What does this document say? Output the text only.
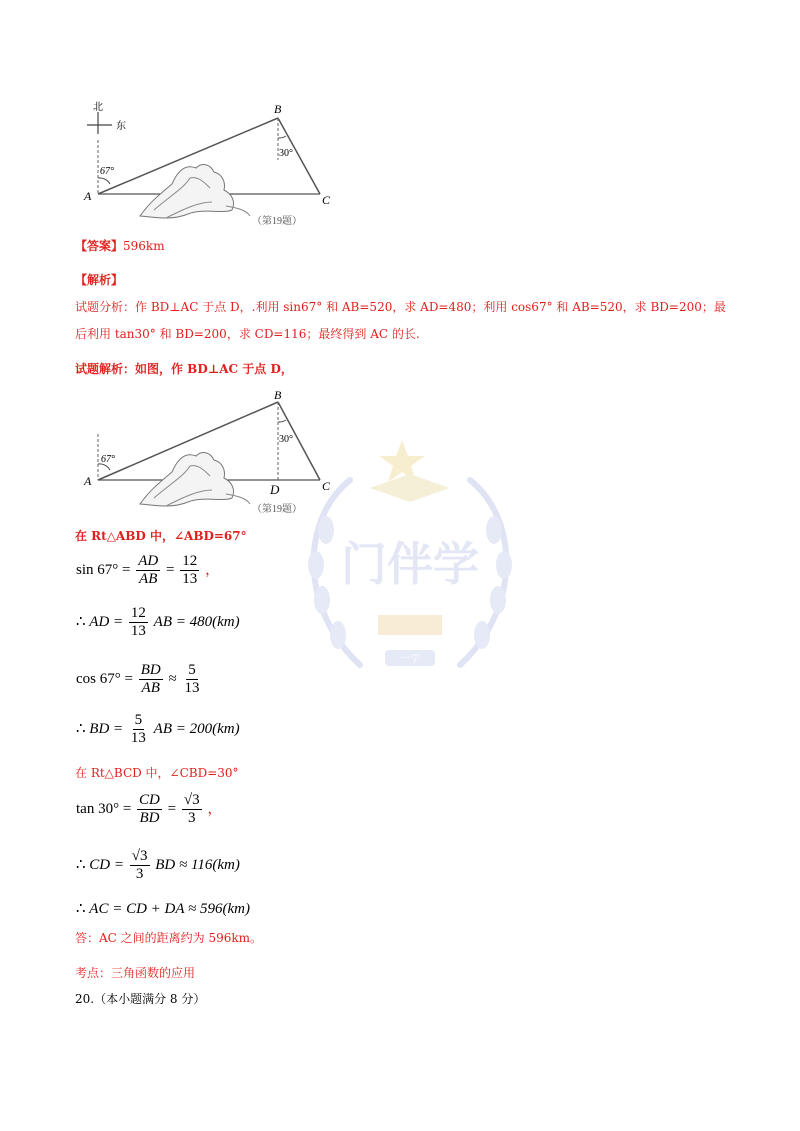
北
东
67°
30°
A
B
C
（第19题）
【答案】596km
【解析】
试题分析：作 BD⊥AC 于点 D，.利用 sin67° 和 AB=520，求 AD=480；利用 cos67° 和 AB=520，求 BD=200；最
后利用 tan30° 和 BD=200，求 CD=116；最终得到 AC 的长.
试题解析：如图，作 BD⊥AC 于点 D，
门伴学
一学
67°
30°
A
B
C
D
（第19题）
在 Rt△ABD 中，∠ABD=67°
$\sin 67^\circ = \frac{AD}{AB} = \frac{12}{13}$ ，
∴ AD = $\frac{12}{13}$ AB = 480(km)
$\cos 67^\circ = \frac{BD}{AB} \approx \frac{5}{13}$
∴ BD = $\frac{5}{13}$ AB = 200(km)
在 Rt△BCD 中，∠CBD=30°
$\tan 30^\circ = \frac{CD}{BD} = \frac{√3}{3}$ ，
∴ CD = $\frac{√3}{3}$ BD ≈ 116(km)
∴ AC = CD + DA ≈ 596(km)
答：AC 之间的距离约为 596km。
考点：三角函数的应用
20.（本小题满分 8 分）
